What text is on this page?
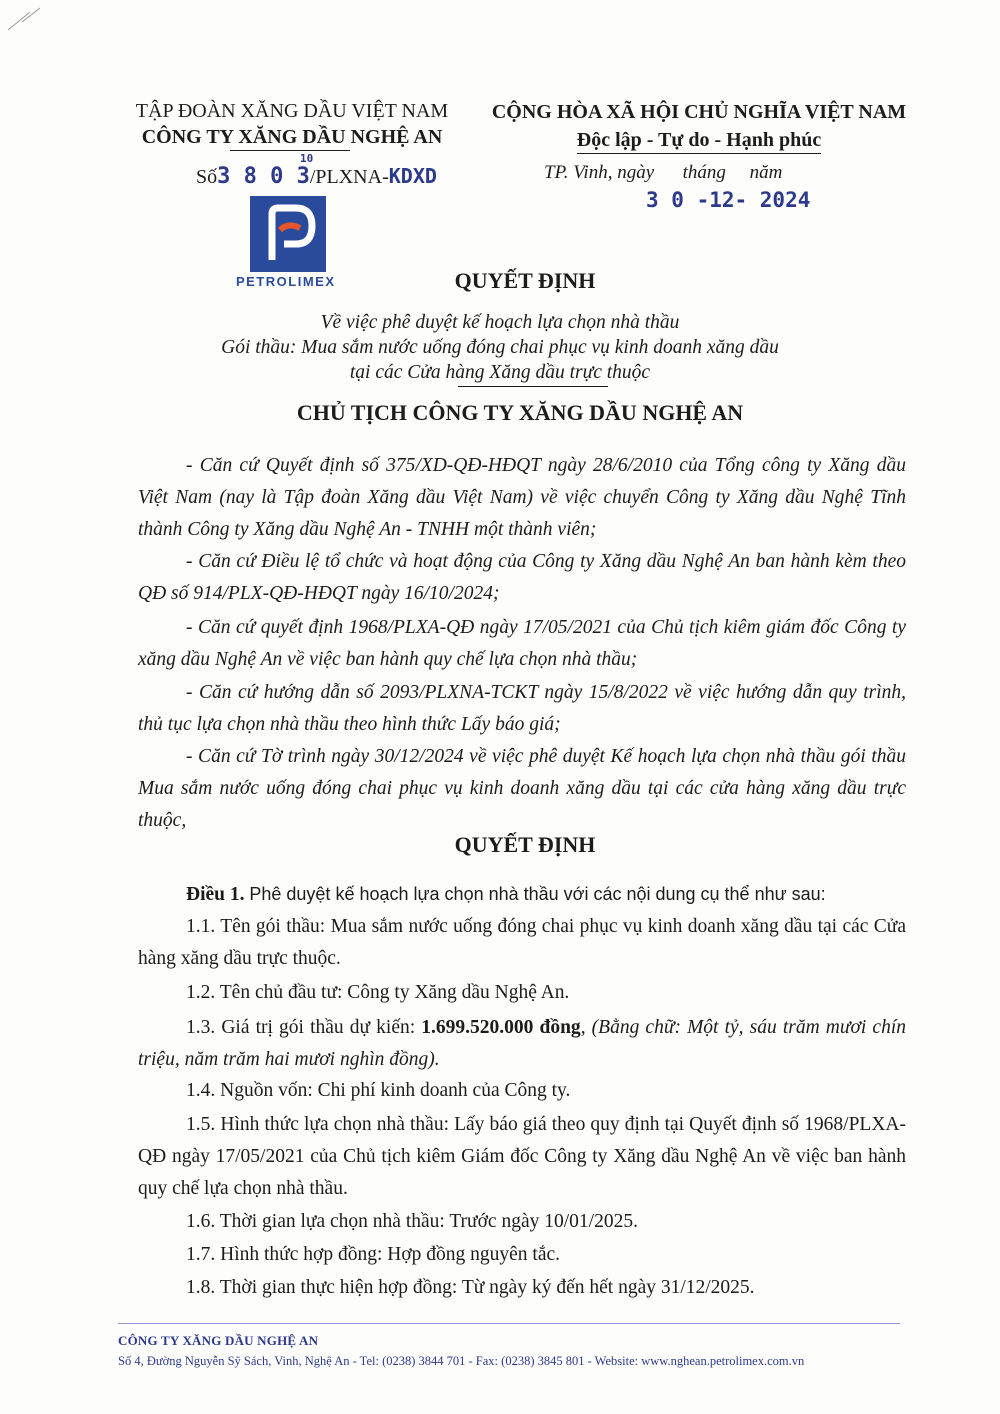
TẬP ĐOÀN XĂNG DẦU VIỆT NAM
CÔNG TY XĂNG DẦU NGHỆ AN
Số3 8 0 3/PLXNA-KDXD
10
PETROLIMEX
CỘNG HÒA XÃ HỘI CHỦ NGHĨA VIỆT NAM
Độc lập - Tự do - Hạnh phúc
TP. Vinh, ngày      tháng     năm
3 0 -12- 2024
QUYẾT ĐỊNH
Về việc phê duyệt kế hoạch lựa chọn nhà thầu
Gói thầu: Mua sắm nước uống đóng chai phục vụ kinh doanh xăng dầu
tại các Cửa hàng Xăng dầu trực thuộc
CHỦ TỊCH CÔNG TY XĂNG DẦU NGHỆ AN
- Căn cứ Quyết định số 375/XD-QĐ-HĐQT ngày 28/6/2010 của Tổng công ty Xăng dầu Việt Nam (nay là Tập đoàn Xăng dầu Việt Nam) về việc chuyển Công ty Xăng dầu Nghệ Tĩnh thành Công ty Xăng dầu Nghệ An - TNHH một thành viên;
- Căn cứ Điều lệ tổ chức và hoạt động của Công ty Xăng dầu Nghệ An ban hành kèm theo QĐ số 914/PLX-QĐ-HĐQT ngày 16/10/2024;
- Căn cứ quyết định 1968/PLXA-QĐ ngày 17/05/2021 của Chủ tịch kiêm giám đốc Công ty xăng dầu Nghệ An về việc ban hành quy chế lựa chọn nhà thầu;
- Căn cứ hướng dẫn số 2093/PLXNA-TCKT ngày 15/8/2022 về việc hướng dẫn quy trình, thủ tục lựa chọn nhà thầu theo hình thức Lấy báo giá;
- Căn cứ Tờ trình ngày 30/12/2024 về việc phê duyệt Kế hoạch lựa chọn nhà thầu gói thầu Mua sắm nước uống đóng chai phục vụ kinh doanh xăng dầu tại các cửa hàng xăng dầu trực thuộc,
QUYẾT ĐỊNH
Điều 1. Phê duyệt kế hoạch lựa chọn nhà thầu với các nội dung cụ thể như sau:
1.1. Tên gói thầu: Mua sắm nước uống đóng chai phục vụ kinh doanh xăng dầu tại các Cửa hàng xăng dầu trực thuộc.
1.2. Tên chủ đầu tư: Công ty Xăng dầu Nghệ An.
1.3. Giá trị gói thầu dự kiến: 1.699.520.000 đồng, (Bằng chữ: Một tỷ, sáu trăm mươi chín triệu, năm trăm hai mươi nghìn đồng).
1.4. Nguồn vốn: Chi phí kinh doanh của Công ty.
1.5. Hình thức lựa chọn nhà thầu: Lấy báo giá theo quy định tại Quyết định số 1968/PLXA-QĐ ngày 17/05/2021 của Chủ tịch kiêm Giám đốc Công ty Xăng dầu Nghệ An về việc ban hành quy chế lựa chọn nhà thầu.
1.6. Thời gian lựa chọn nhà thầu: Trước ngày 10/01/2025.
1.7. Hình thức hợp đồng: Hợp đồng nguyên tắc.
1.8. Thời gian thực hiện hợp đồng: Từ ngày ký đến hết ngày 31/12/2025.
CÔNG TY XĂNG DẦU NGHỆ AN
Số 4, Đường Nguyễn Sỹ Sách, Vinh, Nghệ An - Tel: (0238) 3844 701 - Fax: (0238) 3845 801 - Website: www.nghean.petrolimex.com.vn
